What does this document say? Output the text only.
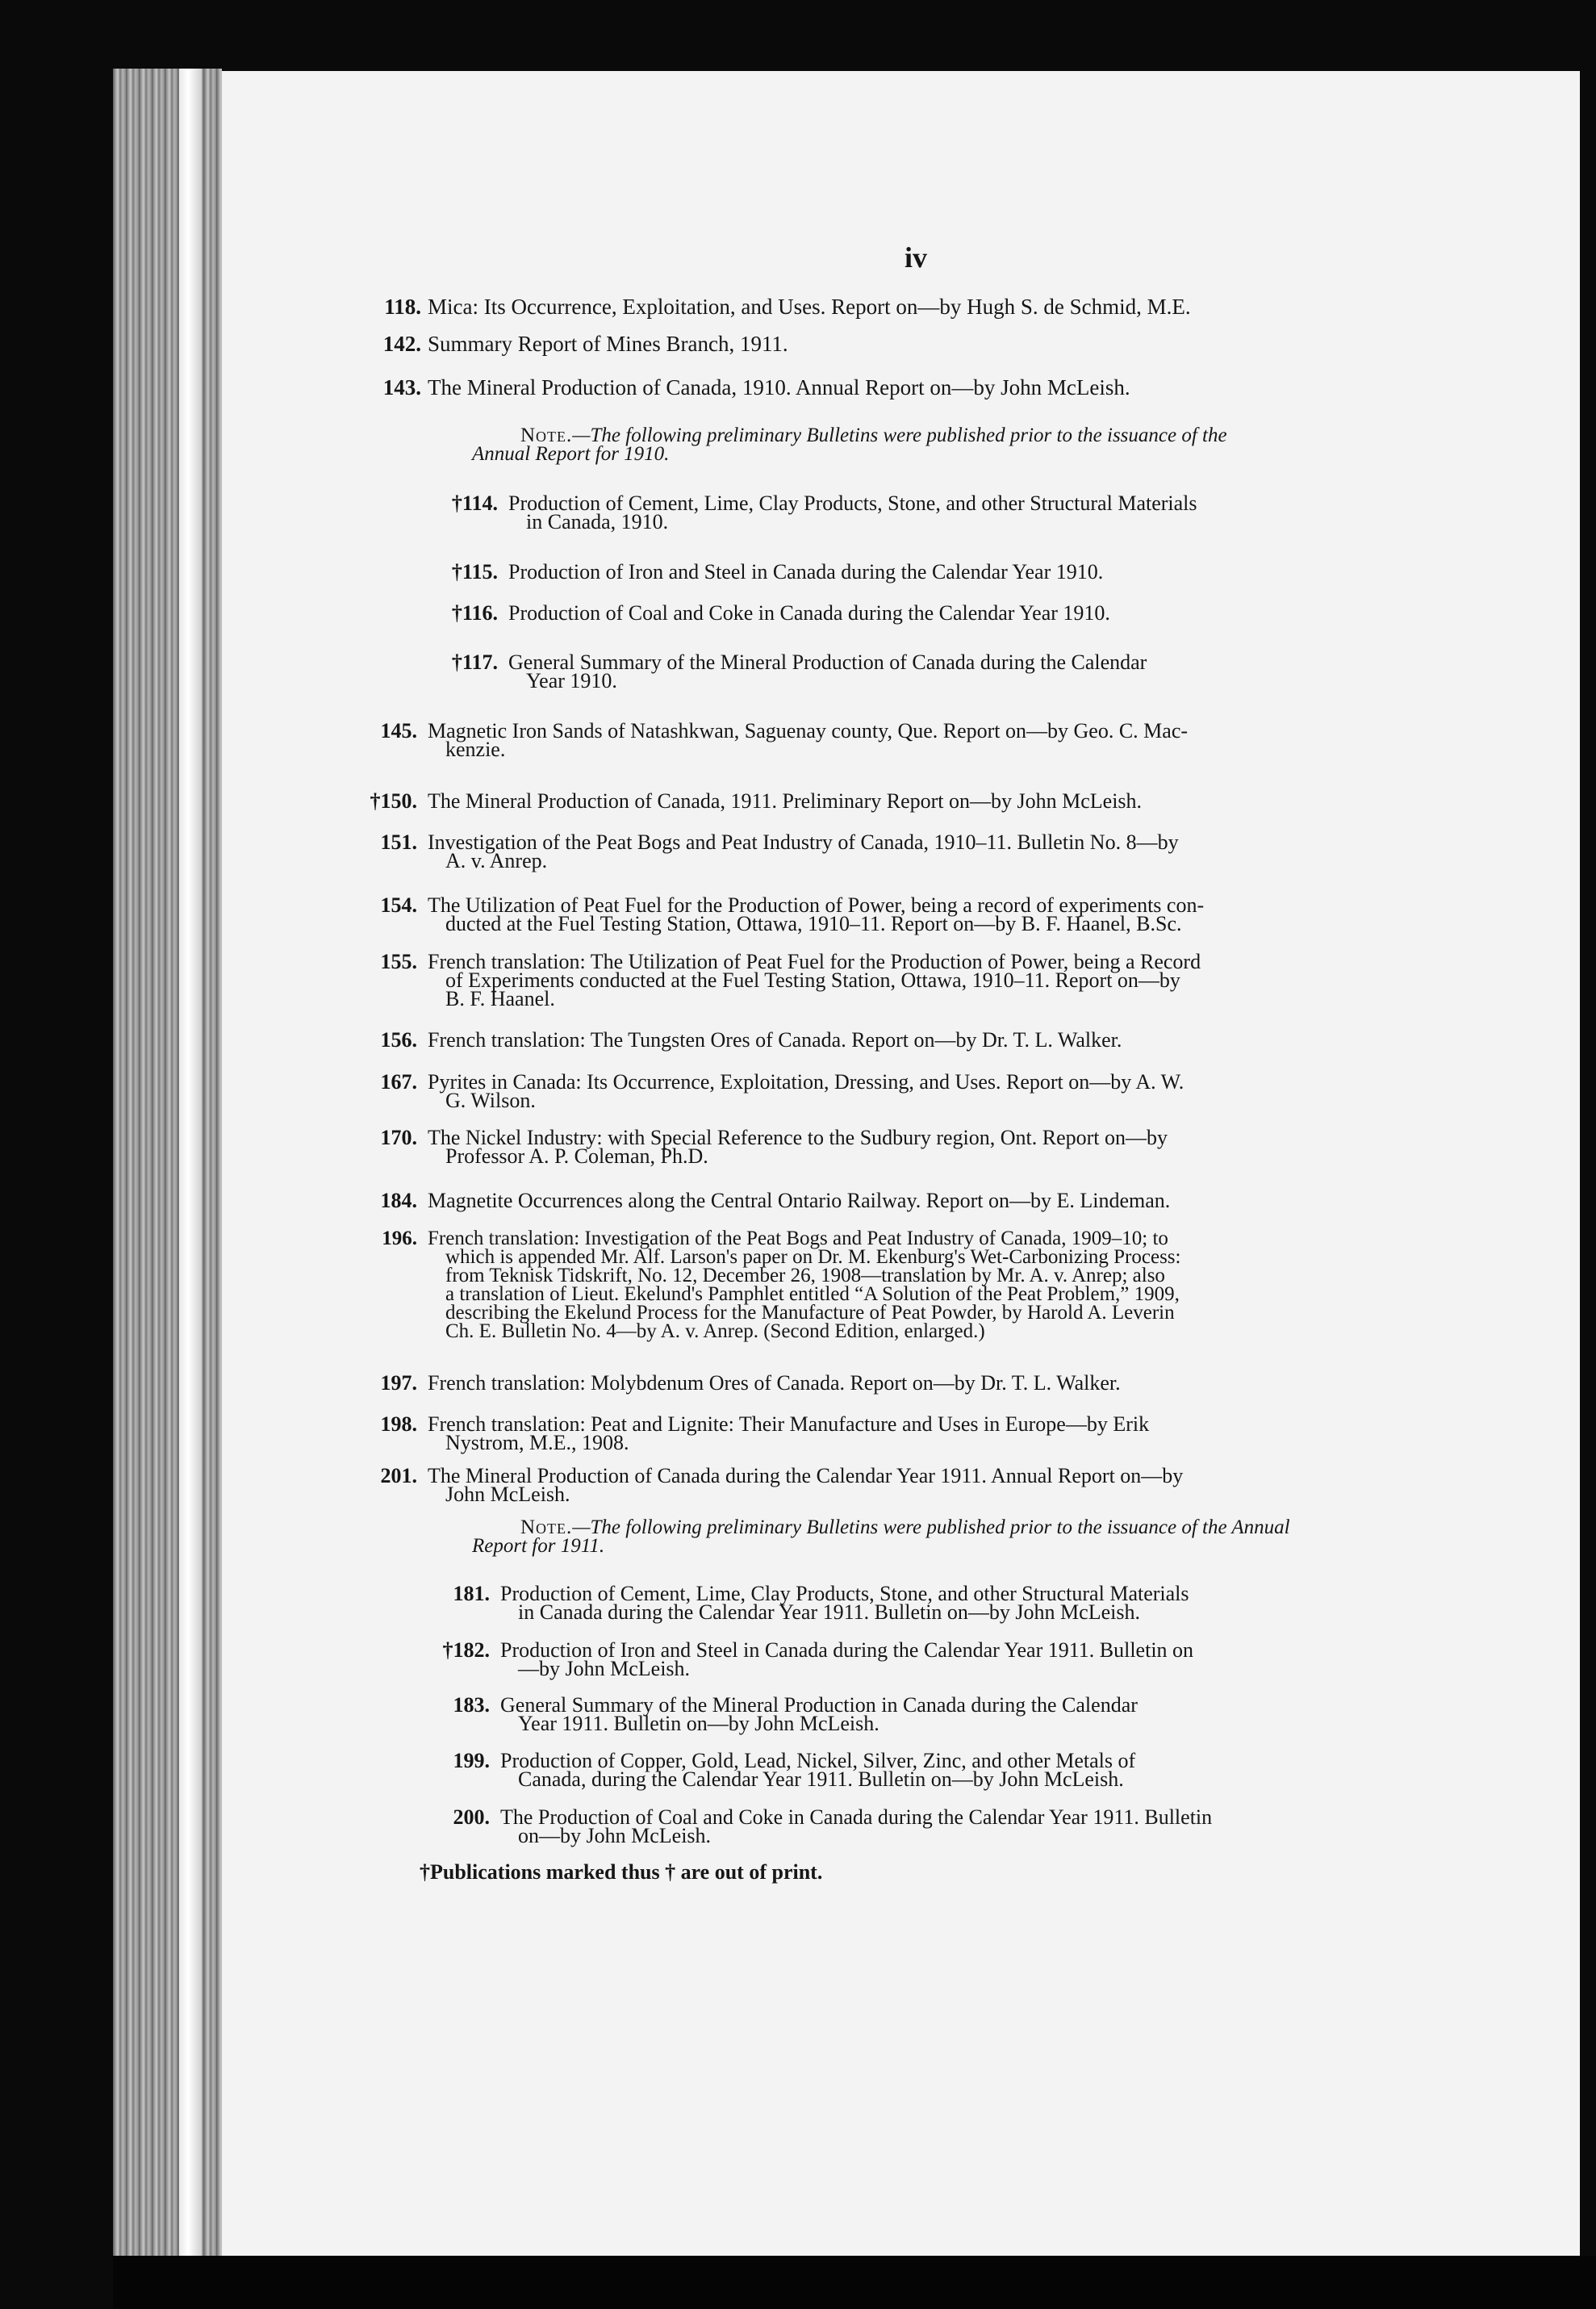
iv
118. Mica: Its Occurrence, Exploitation, and Uses. Report on—by Hugh S. de Schmid, M.E.
142. Summary Report of Mines Branch, 1911.
143. The Mineral Production of Canada, 1910. Annual Report on—by John McLeish.
†114. Production of Cement, Lime, Clay Products, Stone, and other Structural Materials
in Canada, 1910.
†115. Production of Iron and Steel in Canada during the Calendar Year 1910.
†116. Production of Coal and Coke in Canada during the Calendar Year 1910.
†117. General Summary of the Mineral Production of Canada during the Calendar
Year 1910.
145. Magnetic Iron Sands of Natashkwan, Saguenay county, Que. Report on—by Geo. C. Mac-
kenzie.
†150. The Mineral Production of Canada, 1911. Preliminary Report on—by John McLeish.
151. Investigation of the Peat Bogs and Peat Industry of Canada, 1910–11. Bulletin No. 8—by
A. v. Anrep.
154. The Utilization of Peat Fuel for the Production of Power, being a record of experiments con-
ducted at the Fuel Testing Station, Ottawa, 1910–11. Report on—by B. F. Haanel, B.Sc.
155. French translation: The Utilization of Peat Fuel for the Production of Power, being a Record
of Experiments conducted at the Fuel Testing Station, Ottawa, 1910–11. Report on—by
B. F. Haanel.
156. French translation: The Tungsten Ores of Canada. Report on—by Dr. T. L. Walker.
167. Pyrites in Canada: Its Occurrence, Exploitation, Dressing, and Uses. Report on—by A. W.
G. Wilson.
170. The Nickel Industry: with Special Reference to the Sudbury region, Ont. Report on—by
Professor A. P. Coleman, Ph.D.
184. Magnetite Occurrences along the Central Ontario Railway. Report on—by E. Lindeman.
196. French translation: Investigation of the Peat Bogs and Peat Industry of Canada, 1909–10; to
which is appended Mr. Alf. Larson's paper on Dr. M. Ekenburg's Wet-Carbonizing Process:
from Teknisk Tidskrift, No. 12, December 26, 1908—translation by Mr. A. v. Anrep; also
a translation of Lieut. Ekelund's Pamphlet entitled “A Solution of the Peat Problem,” 1909,
describing the Ekelund Process for the Manufacture of Peat Powder, by Harold A. Leverin
Ch. E. Bulletin No. 4—by A. v. Anrep. (Second Edition, enlarged.)
197. French translation: Molybdenum Ores of Canada. Report on—by Dr. T. L. Walker.
198. French translation: Peat and Lignite: Their Manufacture and Uses in Europe—by Erik
Nystrom, M.E., 1908.
201. The Mineral Production of Canada during the Calendar Year 1911. Annual Report on—by
John McLeish.
181. Production of Cement, Lime, Clay Products, Stone, and other Structural Materials
in Canada during the Calendar Year 1911. Bulletin on—by John McLeish.
†182. Production of Iron and Steel in Canada during the Calendar Year 1911. Bulletin on
—by John McLeish.
183. General Summary of the Mineral Production in Canada during the Calendar
Year 1911. Bulletin on—by John McLeish.
199. Production of Copper, Gold, Lead, Nickel, Silver, Zinc, and other Metals of
Canada, during the Calendar Year 1911. Bulletin on—by John McLeish.
200. The Production of Coal and Coke in Canada during the Calendar Year 1911. Bulletin
on—by John McLeish.
Note.—The following preliminary Bulletins were published prior to the issuance of the
Annual Report for 1910.
Note.—The following preliminary Bulletins were published prior to the issuance of the Annual
Report for 1911.
†Publications marked thus † are out of print.
